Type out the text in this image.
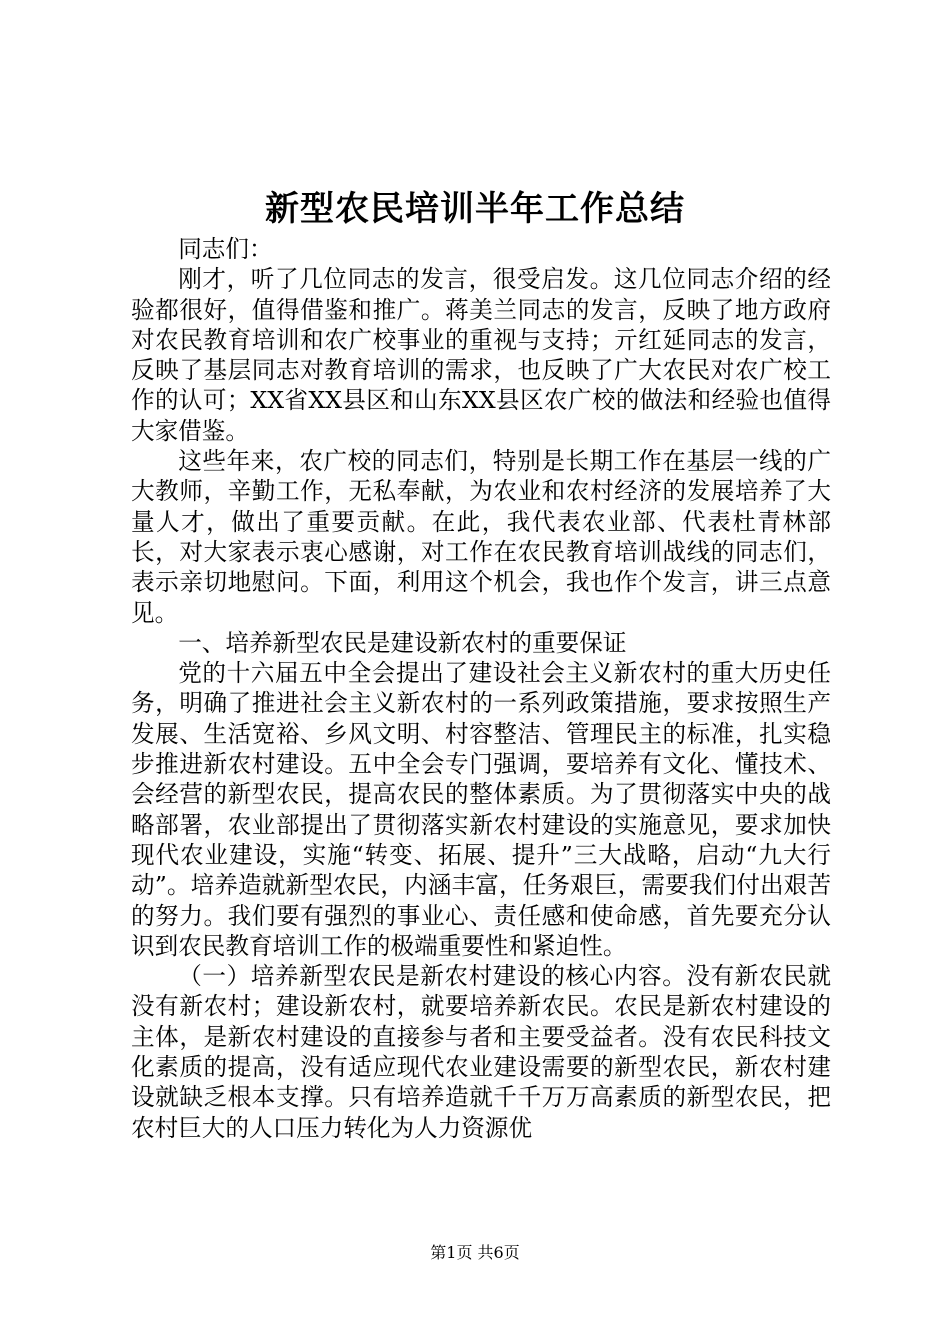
新型农民培训半年工作总结

同志们：

刚才，听了几位同志的发言，很受启发。这几位同志介绍的经验都很好，值得借鉴和推广。蒋美兰同志的发言，反映了地方政府对农民教育培训和农广校事业的重视与支持；亓红延同志的发言，反映了基层同志对教育培训的需求，也反映了广大农民对农广校工作的认可；XX省XX县区和山东XX县区农广校的做法和经验也值得大家借鉴。

这些年来，农广校的同志们，特别是长期工作在基层一线的广大教师，辛勤工作，无私奉献，为农业和农村经济的发展培养了大量人才，做出了重要贡献。在此，我代表农业部、代表杜青林部长，对大家表示衷心感谢，对工作在农民教育培训战线的同志们，表示亲切地慰问。下面，利用这个机会，我也作个发言，讲三点意见。

一、培养新型农民是建设新农村的重要保证

党的十六届五中全会提出了建设社会主义新农村的重大历史任务，明确了推进社会主义新农村的一系列政策措施，要求按照生产发展、生活宽裕、乡风文明、村容整洁、管理民主的标准，扎实稳步推进新农村建设。五中全会专门强调，要培养有文化、懂技术、会经营的新型农民，提高农民的整体素质。为了贯彻落实中央的战略部署，农业部提出了贯彻落实新农村建设的实施意见，要求加快现代农业建设，实施“转变、拓展、提升”三大战略，启动“九大行动”。培养造就新型农民，内涵丰富，任务艰巨，需要我们付出艰苦的努力。我们要有强烈的事业心、责任感和使命感，首先要充分认识到农民教育培训工作的极端重要性和紧迫性。

（一）培养新型农民是新农村建设的核心内容。没有新农民就没有新农村；建设新农村，就要培养新农民。农民是新农村建设的主体，是新农村建设的直接参与者和主要受益者。没有农民科技文化素质的提高，没有适应现代农业建设需要的新型农民，新农村建设就缺乏根本支撑。只有培养造就千千万万高素质的新型农民，把农村巨大的人口压力转化为人力资源优

第1页 共6页
